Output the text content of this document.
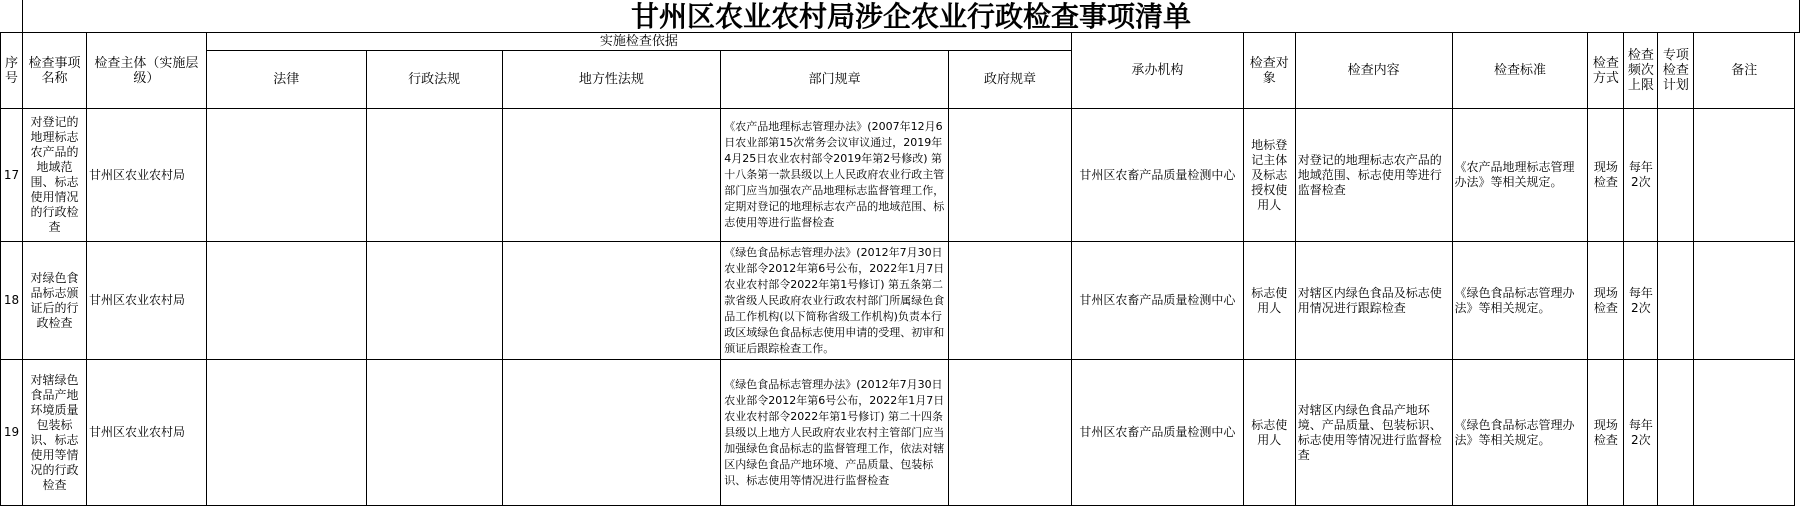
	甘州区农业农村局涉企农业行政检查事项清单															
序号	检查事项名称	检查主体（实施层级）	实施检查依据					承办机构	检查对象	检查内容	检查标准	检查方式	检查频次上限	专项检查计划	备注	
			法律	行政法规	地方性法规	部门规章	政府规章									
17	对登记的地理标志农产品的地域范围、标志使用情况的行政检查	甘州区农业农村局				《农产品地理标志管理办法》(2007年12月6日农业部第15次常务会议审议通过，2019年4月25日农业农村部令2019年第2号修改) 第十八条第一款县级以上人民政府农业行政主管部门应当加强农产品地理标志监督管理工作，定期对登记的地理标志农产品的地域范围、标志使用等进行监督检查		甘州区农畜产品质量检测中心	地标登记主体及标志授权使用人	对登记的地理标志农产品的地域范围、标志使用等进行监督检查	《农产品地理标志管理办法》等相关规定。	现场检查	每年2次			
18	对绿色食品标志颁证后的行政检查	甘州区农业农村局				《绿色食品标志管理办法》(2012年7月30日农业部令2012年第6号公布，2022年1月7日农业农村部令2022年第1号修订) 第五条第二款省级人民政府农业行政农村部门所属绿色食品工作机构(以下简称省级工作机构)负责本行政区域绿色食品标志使用申请的受理、初审和颁证后跟踪检查工作。		甘州区农畜产品质量检测中心	标志使用人	对辖区内绿色食品及标志使用情况进行跟踪检查	《绿色食品标志管理办法》等相关规定。	现场检查	每年2次			
19	对辖绿色食品产地环境质量包装标识、标志使用等情况的行政检查	甘州区农业农村局				《绿色食品标志管理办法》(2012年7月30日农业部令2012年第6号公布，2022年1月7日农业农村部令2022年第1号修订) 第二十四条县级以上地方人民政府农业农村主管部门应当加强绿色食品标志的监督管理工作，依法对辖区内绿色食品产地环境、产品质量、包装标识、标志使用等情况进行监督检查		甘州区农畜产品质量检测中心	标志使用人	对辖区内绿色食品产地环境、产品质量、包装标识、标志使用等情况进行监督检查	《绿色食品标志管理办法》等相关规定。	现场检查	每年2次			
